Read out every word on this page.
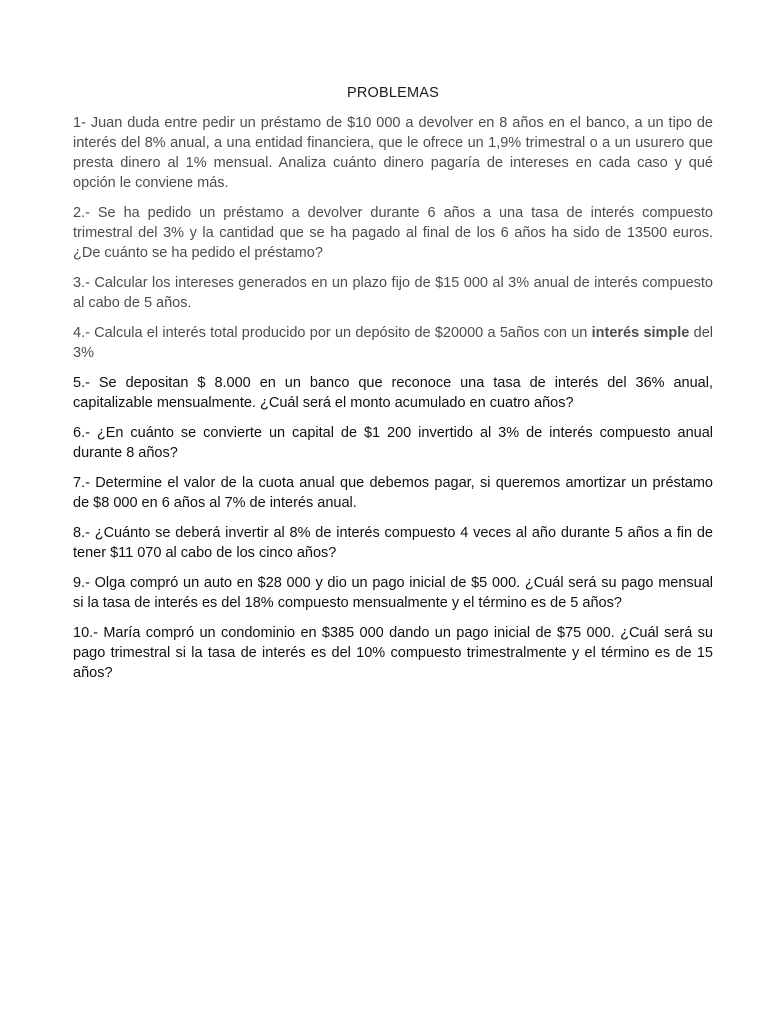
PROBLEMAS

1- Juan duda entre pedir un préstamo de $10 000 a devolver en 8 años en el banco, a un tipo de interés del 8% anual, a una entidad financiera, que le ofrece un 1,9% trimestral o a un usurero que presta dinero al 1% mensual. Analiza cuánto dinero pagaría de intereses en cada caso y qué opción le conviene más.

2.- Se ha pedido un préstamo a devolver durante 6 años a una tasa de interés compuesto trimestral del 3% y la cantidad que se ha pagado al final de los 6 años ha sido de 13500 euros. ¿De cuánto se ha pedido el préstamo?

3.- Calcular los intereses generados en un plazo fijo de $15 000 al 3% anual de interés compuesto al cabo de 5 años.

4.- Calcula el interés total producido por un depósito de $20000 a 5años con un interés simple del 3%

5.- Se depositan $ 8.000 en un banco que reconoce una tasa de interés del 36% anual, capitalizable mensualmente. ¿Cuál será el monto acumulado en cuatro años?

6.- ¿En cuánto se convierte un capital de $1 200 invertido al 3% de interés compuesto anual durante 8 años?

7.- Determine el valor de la cuota anual que debemos pagar, si queremos amortizar un préstamo de $8 000 en 6 años al 7% de interés anual.

8.- ¿Cuánto se deberá invertir al 8% de interés compuesto 4 veces al año durante 5 años a fin de tener $11 070 al cabo de los cinco años?

9.- Olga compró un auto en $28 000 y dio un pago inicial de $5 000. ¿Cuál será su pago mensual si la tasa de interés es del 18% compuesto mensualmente y el término es de 5 años?

10.- María compró un condominio en $385 000 dando un pago inicial de $75 000. ¿Cuál será su pago trimestral si la tasa de interés es del 10% compuesto trimestralmente y el término es de 15 años?
